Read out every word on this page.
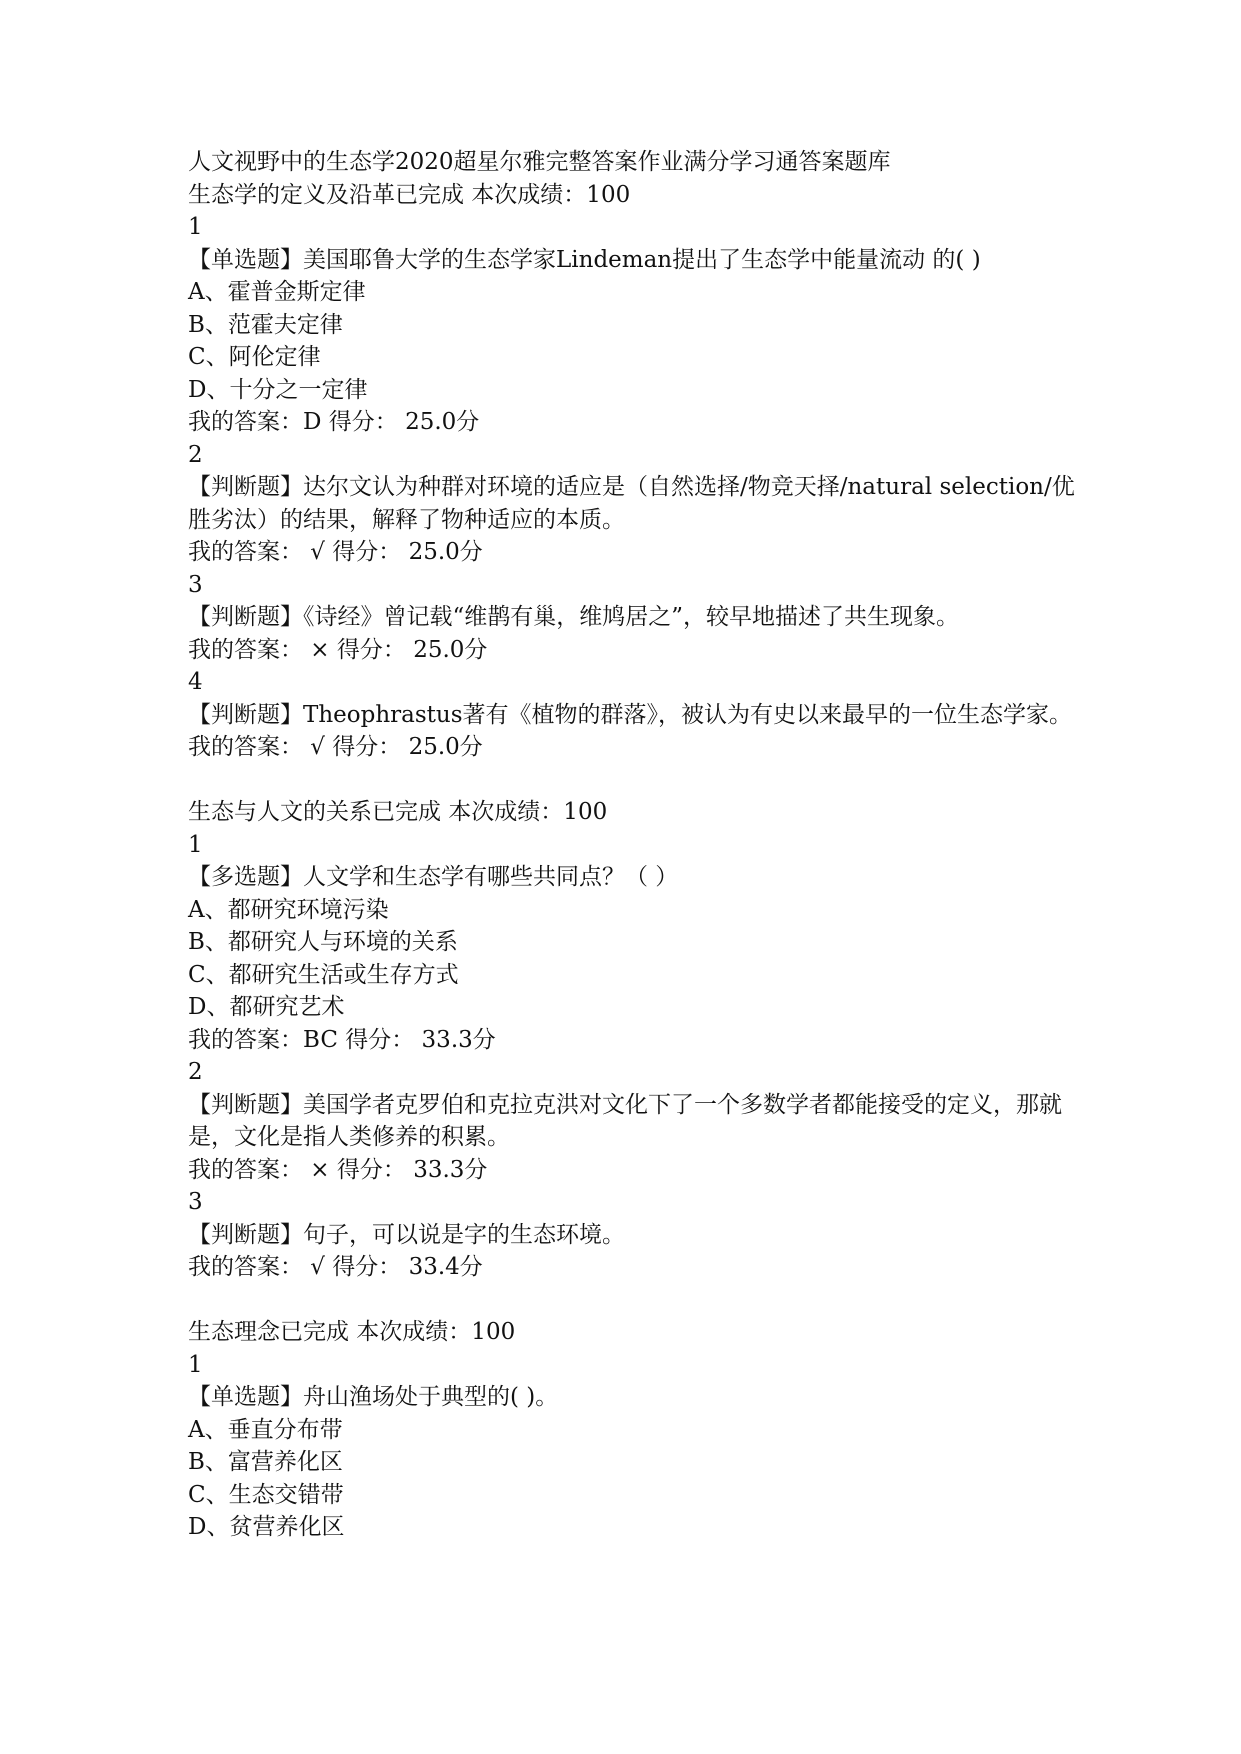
人文视野中的生态学2020超星尔雅完整答案作业满分学习通答案题库
生态学的定义及沿革已完成 本次成绩：100
1
【单选题】美国耶鲁大学的生态学家Lindeman提出了生态学中能量流动 的( )
A、霍普金斯定律
B、范霍夫定律
C、阿伦定律
D、十分之一定律
我的答案：D 得分： 25.0分
2
【判断题】达尔文认为种群对环境的适应是（自然选择/物竞天择/natural selection/优胜劣汰）的结果，解释了物种适应的本质。
我的答案： √ 得分： 25.0分
3
【判断题】《诗经》曾记载“维鹊有巢，维鸠居之”，较早地描述了共生现象。
我的答案： × 得分： 25.0分
4
【判断题】Theophrastus著有《植物的群落》，被认为有史以来最早的一位生态学家。
我的答案： √ 得分： 25.0分
生态与人文的关系已完成 本次成绩：100
1
【多选题】人文学和生态学有哪些共同点？（ ）
A、都研究环境污染
B、都研究人与环境的关系
C、都研究生活或生存方式
D、都研究艺术
我的答案：BC 得分： 33.3分
2
【判断题】美国学者克罗伯和克拉克洪对文化下了一个多数学者都能接受的定义，那就是，文化是指人类修养的积累。
我的答案： × 得分： 33.3分
3
【判断题】句子，可以说是字的生态环境。
我的答案： √ 得分： 33.4分
生态理念已完成 本次成绩：100
1
【单选题】舟山渔场处于典型的( )。
A、垂直分布带
B、富营养化区
C、生态交错带
D、贫营养化区
